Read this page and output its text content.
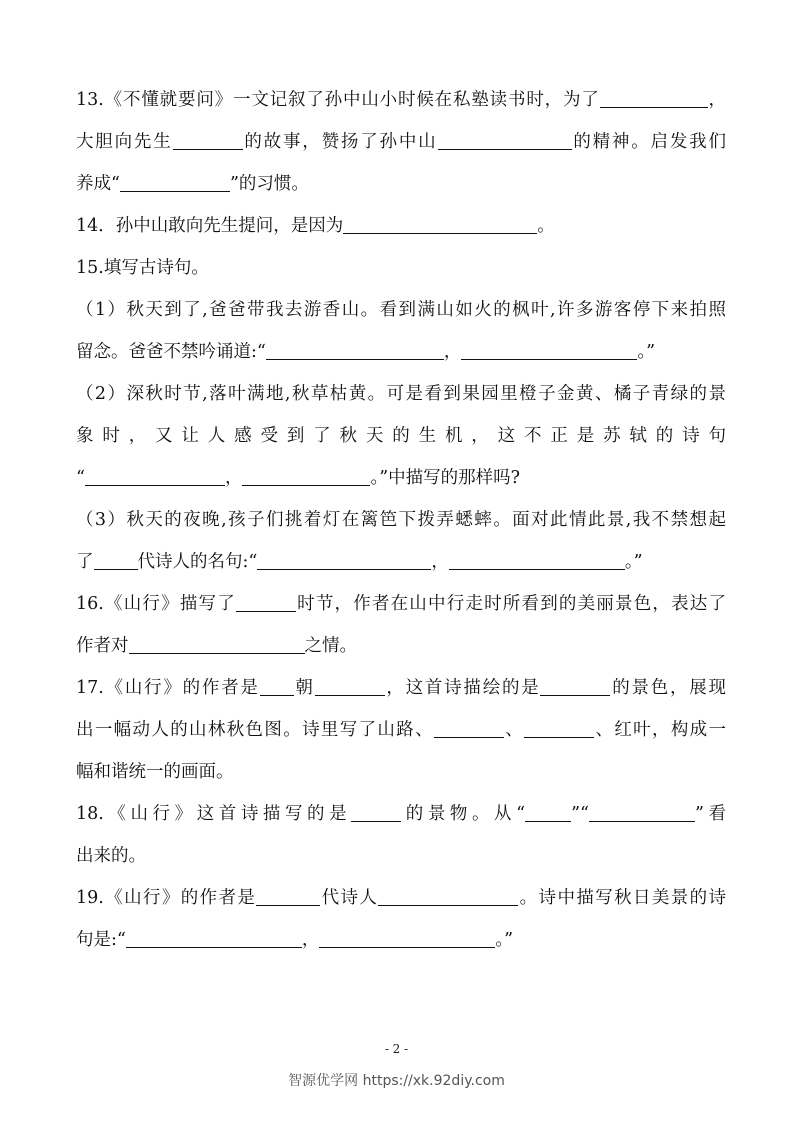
13.《不懂就要问》一文记叙了孙中山小时候在私塾读书时，为了	，
大胆向先生	的故事，赞扬了孙中山	的精神。启发我们
养成“	”的习惯。
14．孙中山敢向先生提问，是因为	。
15.填写古诗句。
（1）秋天到了,爸爸带我去游香山。看到满山如火的枫叶,许多游客停下来拍照
留念。爸爸不禁吟诵道:“	，	。”
（2）深秋时节,落叶满地,秋草枯黄。可是看到果园里橙子金黄、橘子青绿的景
象时，又让人感受到了秋天的生机，这不正是苏轼的诗句
“	，	。”中描写的那样吗?
（3）秋天的夜晚,孩子们挑着灯在篱笆下拨弄蟋蟀。面对此情此景,我不禁想起
了	代诗人的名句:“	，	。”
16.《山行》描写了	时节，作者在山中行走时所看到的美丽景色，表达了
作者对	之情。
17.《山行》的作者是 朝	，这首诗描绘的是	的景色，展现
出一幅动人的山林秋色图。诗里写了山路、	、	、红叶，构成一
幅和谐统一的画面。
18.《山行》这首诗描写的是	的景物。从“	”“	”看
出来的。
19.《山行》的作者是	代诗人	。诗中描写秋日美景的诗
句是:“	，	。”
- 2 -
智源优学网 https://xk.92diy.com
